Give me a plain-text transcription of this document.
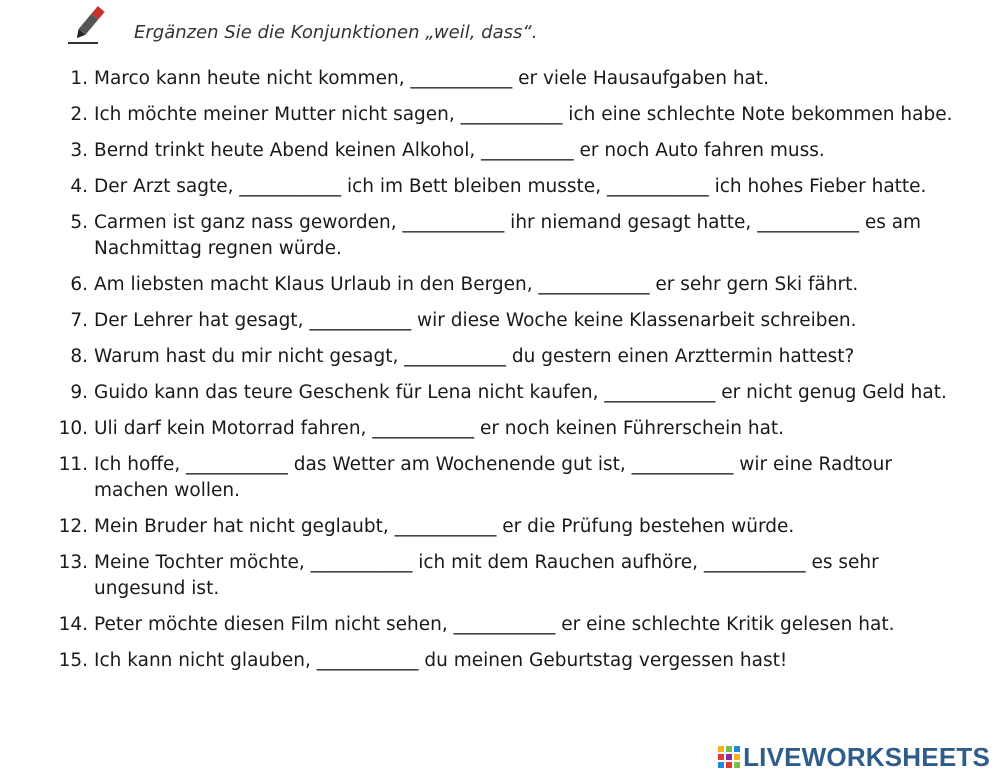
Ergänzen Sie die Konjunktionen „weil, dass“.
1. Marco kann heute nicht kommen, ___________ er viele Hausaufgaben hat.
2. Ich möchte meiner Mutter nicht sagen, ___________ ich eine schlechte Note bekommen habe.
3. Bernd trinkt heute Abend keinen Alkohol, __________ er noch Auto fahren muss.
4. Der Arzt sagte, ___________ ich im Bett bleiben musste, ___________ ich hohes Fieber hatte.
5. Carmen ist ganz nass geworden, ___________ ihr niemand gesagt hatte, ___________ es am Nachmittag regnen würde.
6. Am liebsten macht Klaus Urlaub in den Bergen, ____________ er sehr gern Ski fährt.
7. Der Lehrer hat gesagt, ___________ wir diese Woche keine Klassenarbeit schreiben.
8. Warum hast du mir nicht gesagt, ___________ du gestern einen Arzttermin hattest?
9. Guido kann das teure Geschenk für Lena nicht kaufen, ____________ er nicht genug Geld hat.
10. Uli darf kein Motorrad fahren, ___________ er noch keinen Führerschein hat.
11. Ich hoffe, ___________ das Wetter am Wochenende gut ist, ___________ wir eine Radtour machen wollen.
12. Mein Bruder hat nicht geglaubt, ___________ er die Prüfung bestehen würde.
13. Meine Tochter möchte, ___________ ich mit dem Rauchen aufhöre, ___________ es sehr ungesund ist.
14. Peter möchte diesen Film nicht sehen, ___________ er eine schlechte Kritik gelesen hat.
15. Ich kann nicht glauben, ___________ du meinen Geburtstag vergessen hast!
LIVEWORKSHEETS
